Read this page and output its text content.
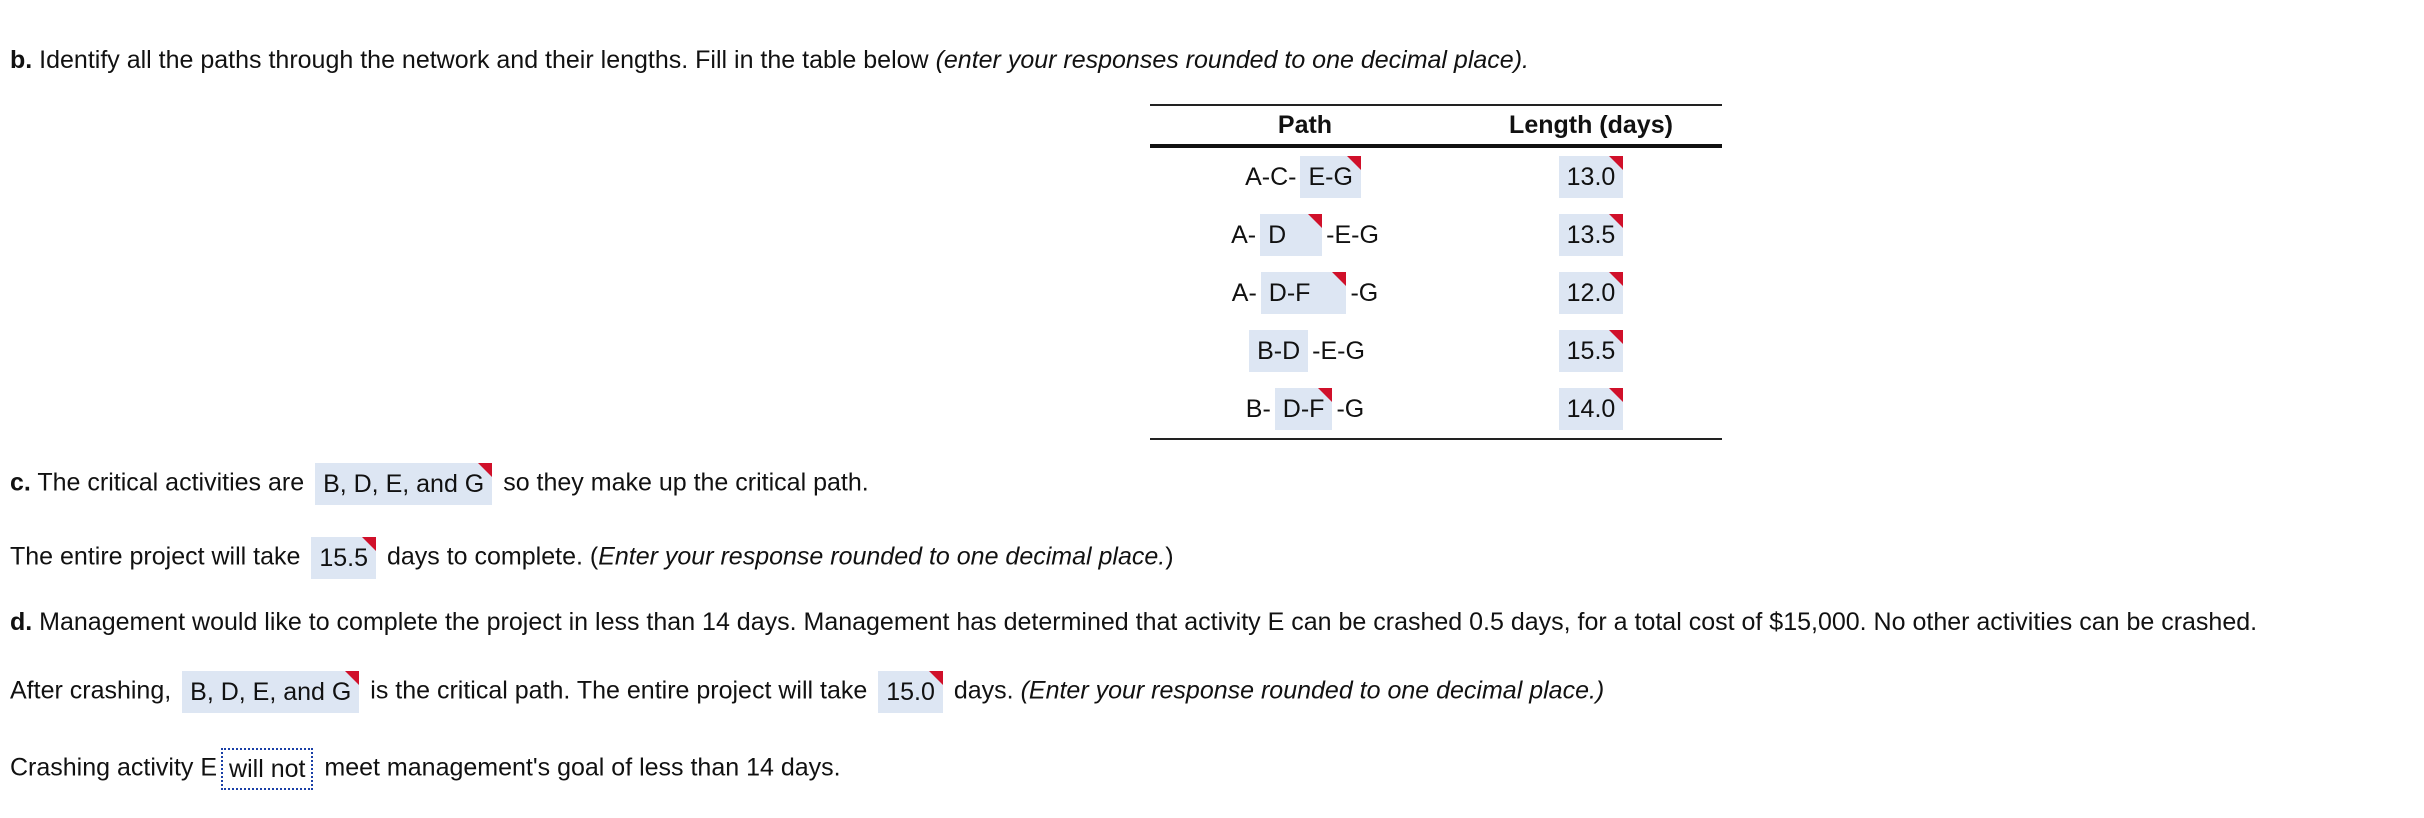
b. Identify all the paths through the network and their lengths. Fill in the table below (enter your responses rounded to one decimal place).
Path	Length (days)
A-C- E-G	13.0
A- D -E-G	13.5
A- D-F -G	12.0
B-D -E-G	15.5
B- D-F -G	14.0
c. The critical activities are B, D, E, and G so they make up the critical path.
The entire project will take 15.5 days to complete. (Enter your response rounded to one decimal place.)
d. Management would like to complete the project in less than 14 days. Management has determined that activity E can be crashed 0.5 days, for a total cost of $15,000. No other activities can be crashed.
After crashing, B, D, E, and G is the critical path. The entire project will take 15.0 days. (Enter your response rounded to one decimal place.)
Crashing activity E will not meet management's goal of less than 14 days.
